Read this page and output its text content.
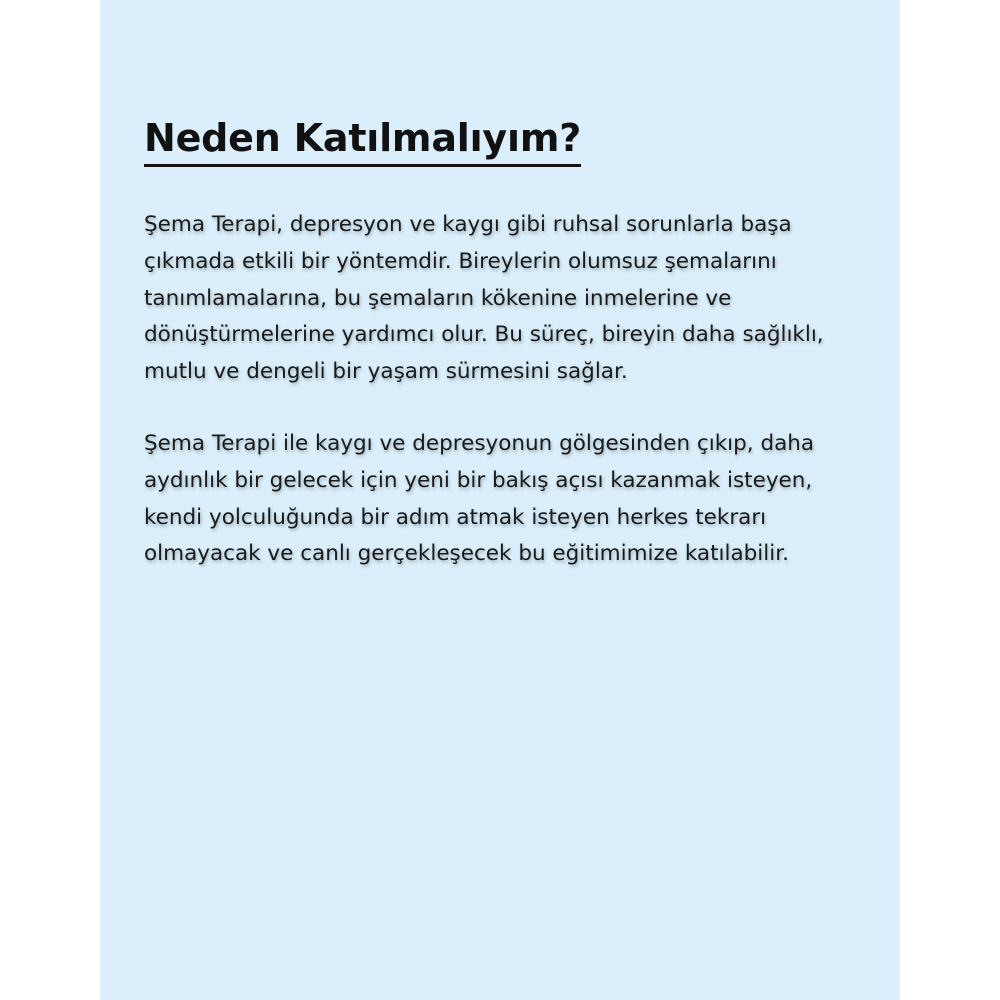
Neden Katılmalıyım?

Şema Terapi, depresyon ve kaygı gibi ruhsal sorunlarla başa çıkmada etkili bir yöntemdir. Bireylerin olumsuz şemalarını tanımlamalarına, bu şemaların kökenine inmelerine ve dönüştürmelerine yardımcı olur. Bu süreç, bireyin daha sağlıklı, mutlu ve dengeli bir yaşam sürmesini sağlar.

Şema Terapi ile kaygı ve depresyonun gölgesinden çıkıp, daha aydınlık bir gelecek için yeni bir bakış açısı kazanmak isteyen, kendi yolculuğunda bir adım atmak isteyen herkes tekrarı olmayacak ve canlı gerçekleşecek bu eğitimimize katılabilir.
